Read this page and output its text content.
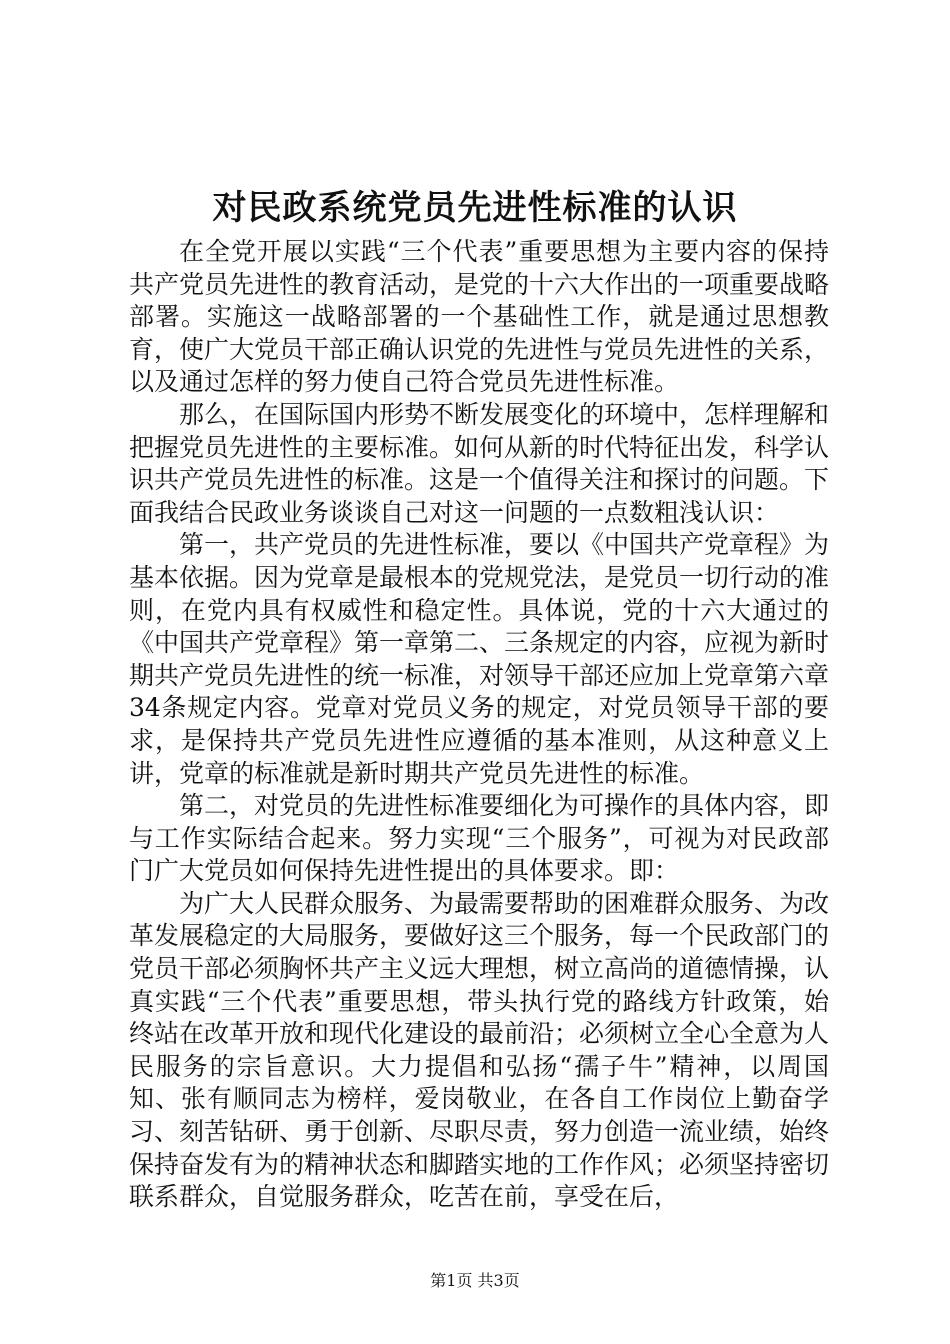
对民政系统党员先进性标准的认识

在全党开展以实践“三个代表”重要思想为主要内容的保持共产党员先进性的教育活动，是党的十六大作出的一项重要战略部署。实施这一战略部署的一个基础性工作，就是通过思想教育，使广大党员干部正确认识党的先进性与党员先进性的关系，以及通过怎样的努力使自己符合党员先进性标准。

那么，在国际国内形势不断发展变化的环境中，怎样理解和把握党员先进性的主要标准。如何从新的时代特征出发，科学认识共产党员先进性的标准。这是一个值得关注和探讨的问题。下面我结合民政业务谈谈自己对这一问题的一点数粗浅认识：

第一，共产党员的先进性标准，要以《中国共产党章程》为基本依据。因为党章是最根本的党规党法，是党员一切行动的准则，在党内具有权威性和稳定性。具体说，党的十六大通过的《中国共产党章程》第一章第二、三条规定的内容，应视为新时期共产党员先进性的统一标准，对领导干部还应加上党章第六章34条规定内容。党章对党员义务的规定，对党员领导干部的要求，是保持共产党员先进性应遵循的基本准则，从这种意义上讲，党章的标准就是新时期共产党员先进性的标准。

第二，对党员的先进性标准要细化为可操作的具体内容，即与工作实际结合起来。努力实现“三个服务”，可视为对民政部门广大党员如何保持先进性提出的具体要求。即：

为广大人民群众服务、为最需要帮助的困难群众服务、为改革发展稳定的大局服务，要做好这三个服务，每一个民政部门的党员干部必须胸怀共产主义远大理想，树立高尚的道德情操，认真实践“三个代表”重要思想，带头执行党的路线方针政策，始终站在改革开放和现代化建设的最前沿；必须树立全心全意为人民服务的宗旨意识。大力提倡和弘扬“孺子牛”精神，以周国知、张有顺同志为榜样，爱岗敬业，在各自工作岗位上勤奋学习、刻苦钻研、勇于创新、尽职尽责，努力创造一流业绩，始终保持奋发有为的精神状态和脚踏实地的工作作风；必须坚持密切联系群众，自觉服务群众，吃苦在前，享受在后，

第1页 共3页
